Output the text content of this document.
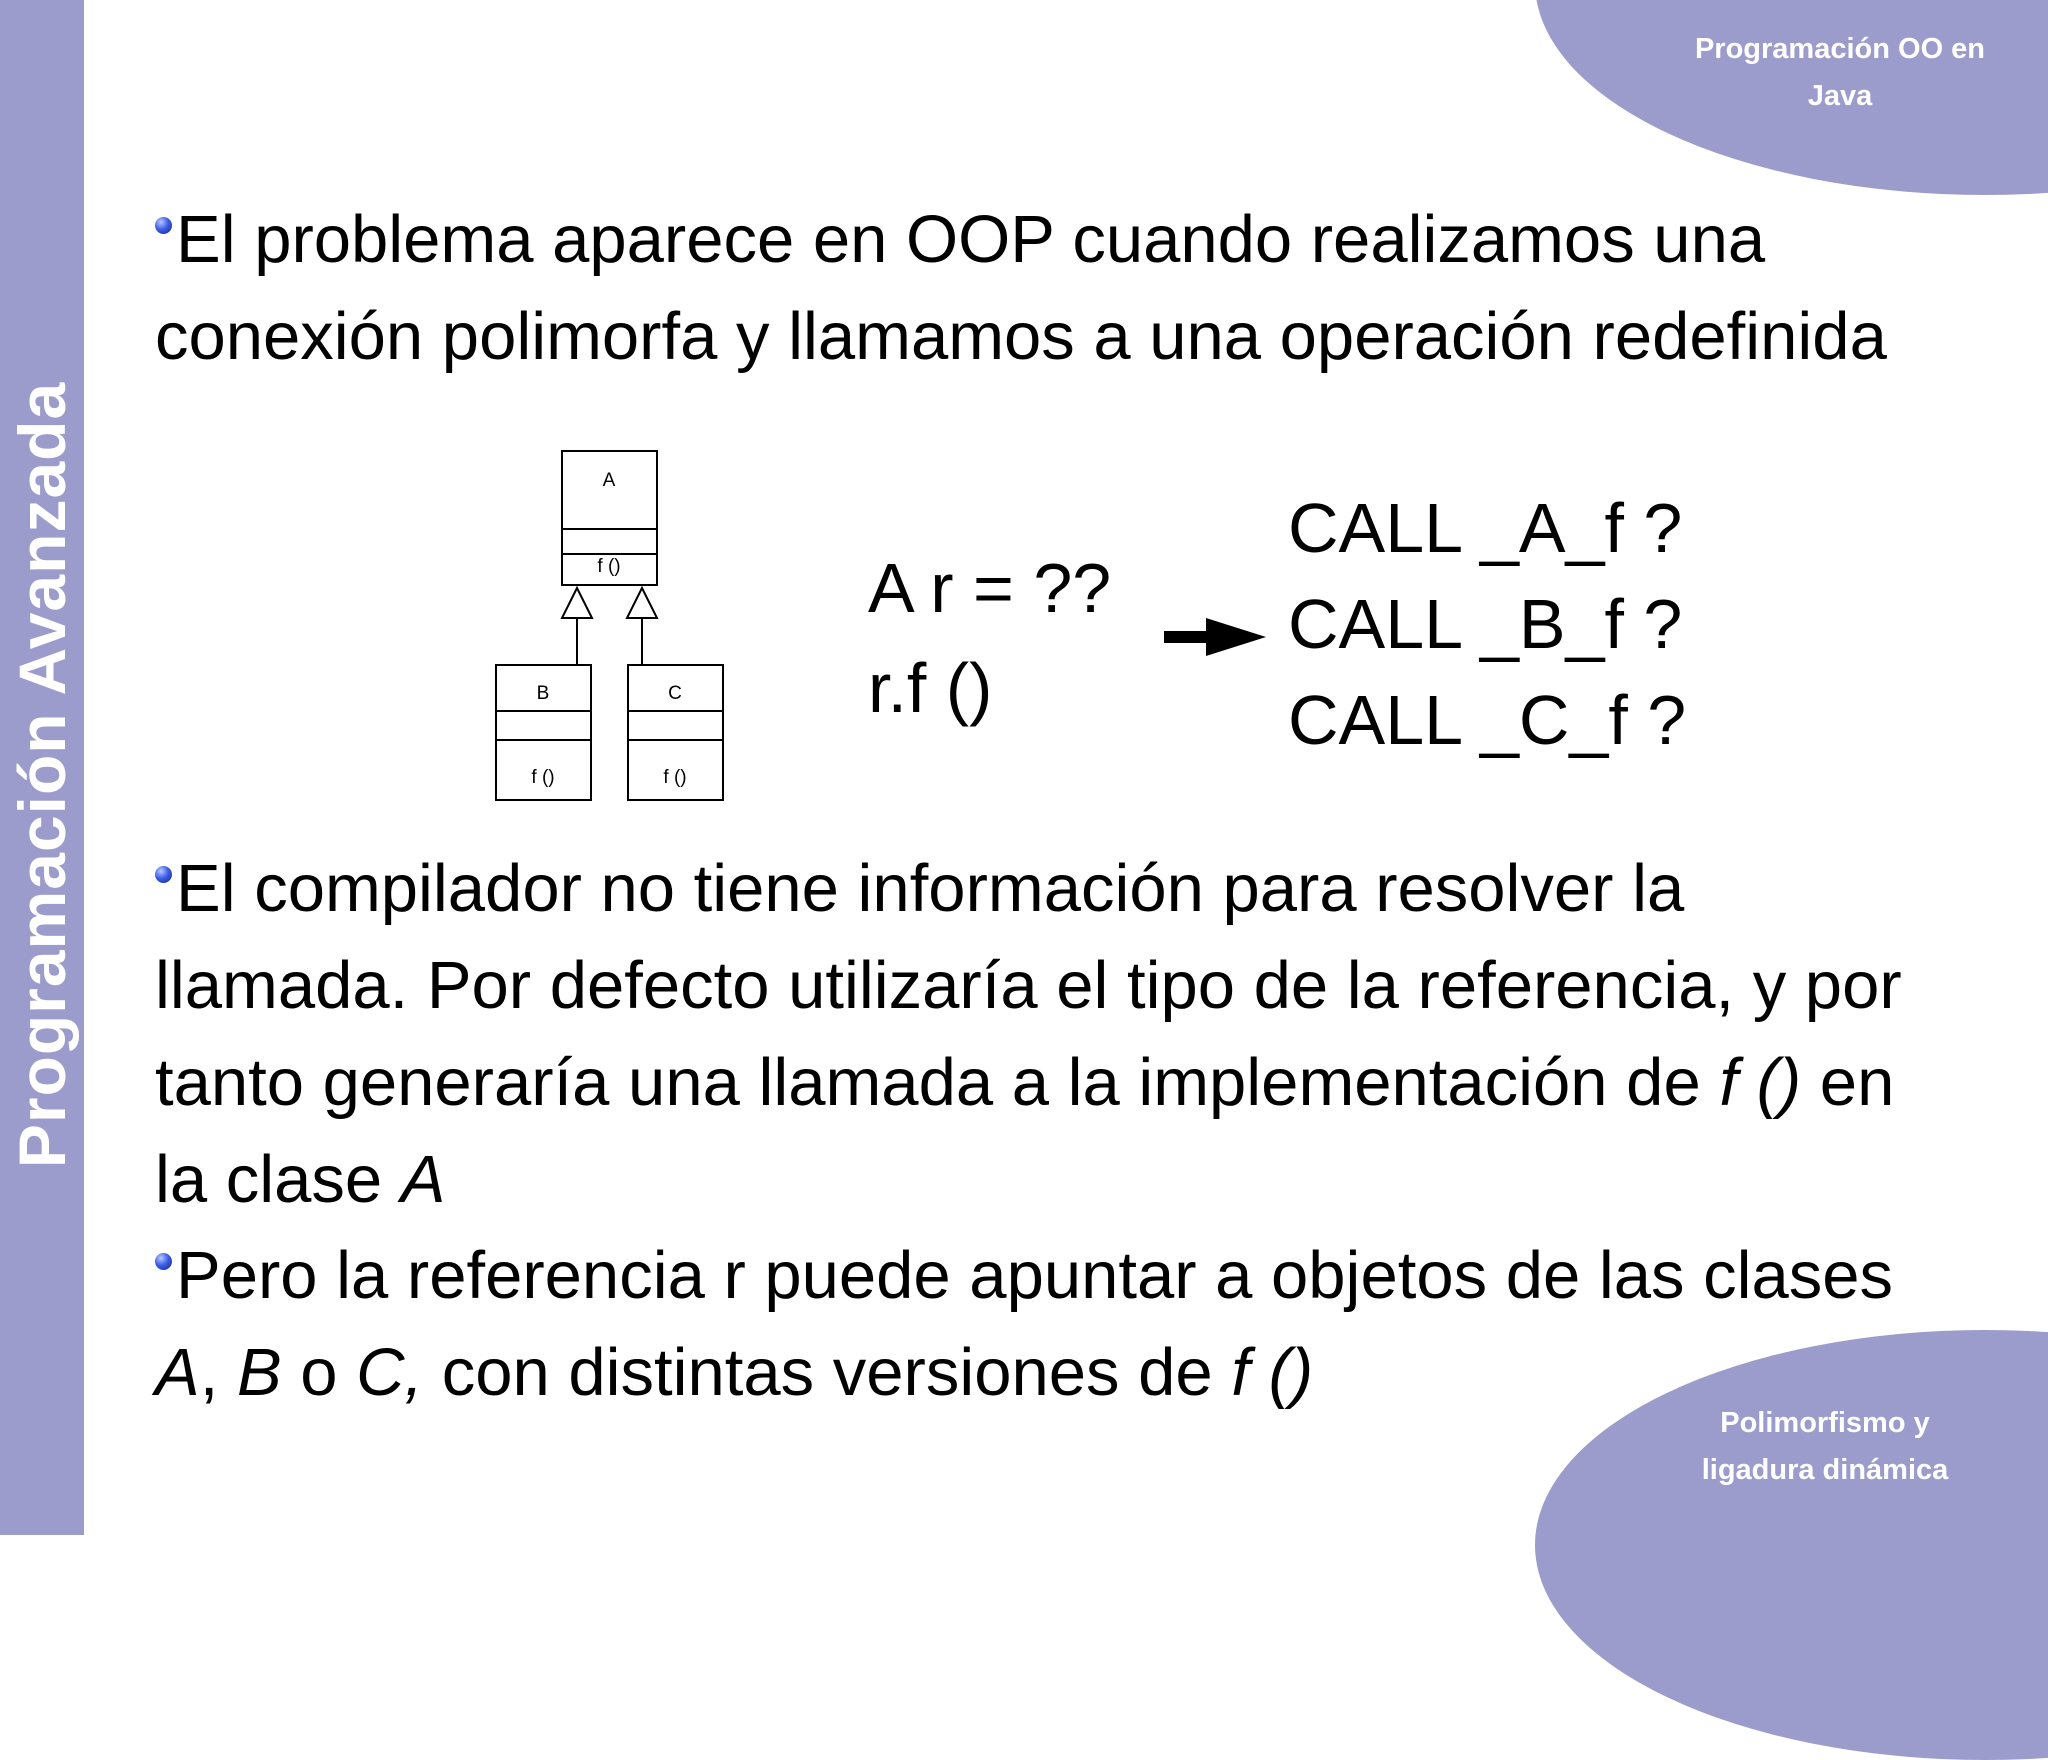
Programación Avanzada
Programación OO en
Java

El problema aparece en OOP cuando realizamos una conexión polimorfa y llamamos a una operación redefinida

A
f ()
B
f ()
C
f ()
A r = ??
r.f ()
CALL _A_f ?
CALL _B_f ?
CALL _C_f ?

El compilador no tiene información para resolver la llamada. Por defecto utilizaría el tipo de la referencia, y por tanto generaría una llamada a la implementación de f () en la clase A

Pero la referencia r puede apuntar a objetos de las clases A, B o C, con distintas versiones de f ()

Polimorfismo y
ligadura dinámica
